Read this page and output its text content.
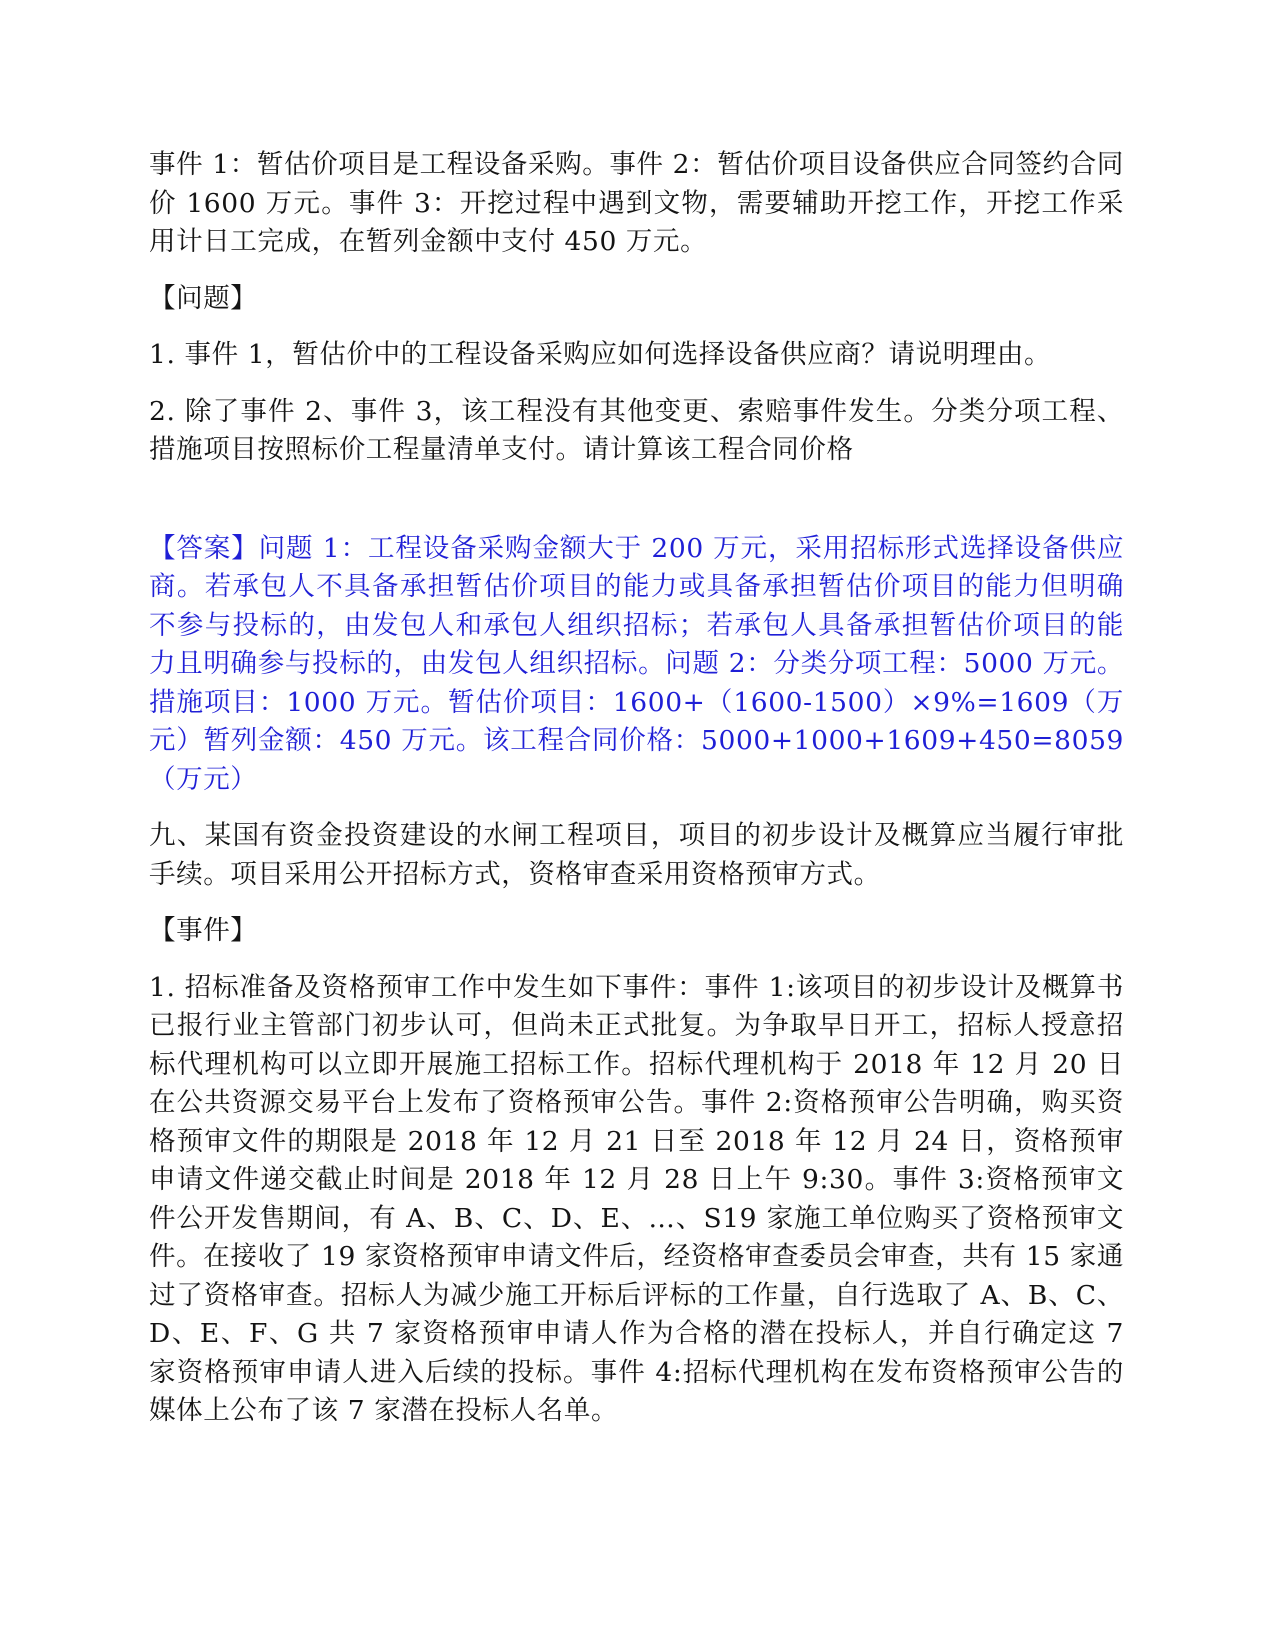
事件 1：暂估价项目是工程设备采购。事件 2：暂估价项目设备供应合同签约合同价 1600 万元。事件 3：开挖过程中遇到文物，需要辅助开挖工作，开挖工作采用计日工完成，在暂列金额中支付 450 万元。

【问题】

1. 事件 1，暂估价中的工程设备采购应如何选择设备供应商？请说明理由。

2. 除了事件 2、事件 3，该工程没有其他变更、索赔事件发生。分类分项工程、措施项目按照标价工程量清单支付。请计算该工程合同价格

【答案】问题 1：工程设备采购金额大于 200 万元，采用招标形式选择设备供应商。若承包人不具备承担暂估价项目的能力或具备承担暂估价项目的能力但明确不参与投标的，由发包人和承包人组织招标；若承包人具备承担暂估价项目的能力且明确参与投标的，由发包人组织招标。问题 2：分类分项工程：5000 万元。措施项目：1000 万元。暂估价项目：1600+（1600-1500）×9%=1609（万元）暂列金额：450 万元。该工程合同价格：5000+1000+1609+450=8059（万元）

九、某国有资金投资建设的水闸工程项目，项目的初步设计及概算应当履行审批手续。项目采用公开招标方式，资格审查采用资格预审方式。

【事件】

1. 招标准备及资格预审工作中发生如下事件：事件 1:该项目的初步设计及概算书已报行业主管部门初步认可，但尚未正式批复。为争取早日开工，招标人授意招标代理机构可以立即开展施工招标工作。招标代理机构于 2018 年 12 月 20 日在公共资源交易平台上发布了资格预审公告。事件 2:资格预审公告明确，购买资格预审文件的期限是 2018 年 12 月 21 日至 2018 年 12 月 24 日，资格预审申请文件递交截止时间是 2018 年 12 月 28 日上午 9:30。事件 3:资格预审文件公开发售期间，有 A、B、C、D、E、…、S19 家施工单位购买了资格预审文件。在接收了 19 家资格预审申请文件后，经资格审查委员会审查，共有 15 家通过了资格审查。招标人为减少施工开标后评标的工作量，自行选取了 A、B、C、D、E、F、G 共 7 家资格预审申请人作为合格的潜在投标人，并自行确定这 7 家资格预审申请人进入后续的投标。事件 4:招标代理机构在发布资格预审公告的媒体上公布了该 7 家潜在投标人名单。
